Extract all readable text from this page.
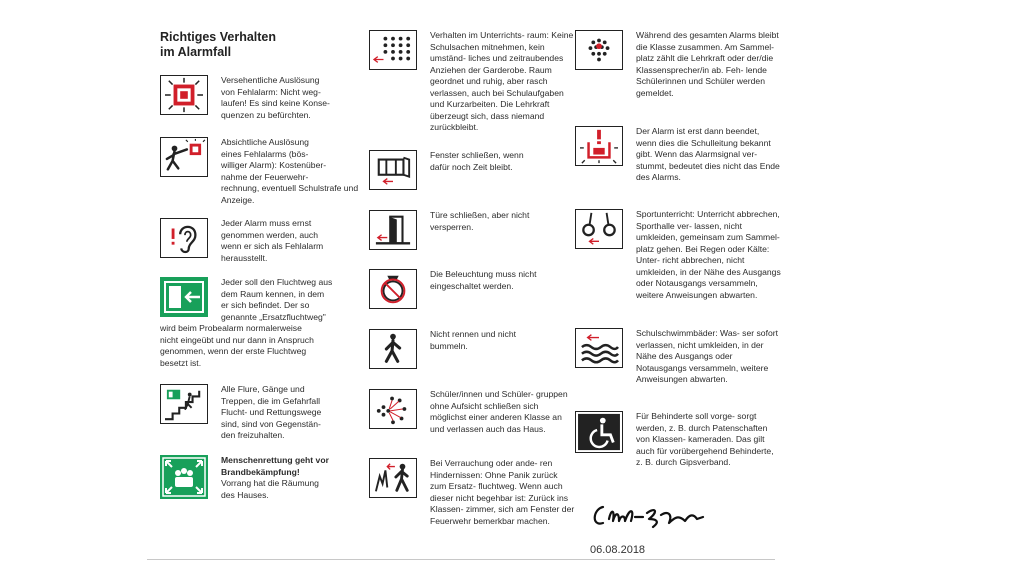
Richtiges Verhalten
im Alarmfall
Versehentliche Auslösung
von Fehlalarm: Nicht weg-
laufen! Es sind keine Konse-
quenzen zu befürchten.
Absichtliche Auslösung
eines Fehlalarms (bös-
williger Alarm): Kostenüber-
nahme der Feuerwehr-
rechnung, eventuell Schulstrafe und
Anzeige.
Jeder Alarm muss ernst
genommen werden, auch
wenn er sich als Fehlalarm
herausstellt.
Jeder soll den Fluchtweg aus
dem Raum kennen, in dem
er sich befindet. Der so
genannte „Ersatzfluchtweg"
wird beim Probealarm normalerweise
nicht eingeübt und nur dann in Anspruch
genommen, wenn der erste Fluchtweg
besetzt ist.
Alle Flure, Gänge und
Treppen, die im Gefahrfall
Flucht- und Rettungswege
sind, sind von Gegenstän-
den freizuhalten.
Menschenrettung geht vor
Brandbekämpfung!
Vorrang hat die Räumung
des Hauses.
Verhalten im Unterrichts- raum: Keine Schulsachen mitnehmen, kein umständ- liches und zeitraubendes Anziehen der Garderobe. Raum geordnet und ruhig, aber rasch verlassen, auch bei Schulaufgaben und Kurzarbeiten. Die Lehrkraft überzeugt sich, dass niemand zurückbleibt.
Fenster schließen, wenn
dafür noch Zeit bleibt.
Türe schließen, aber nicht
versperren.
Die Beleuchtung muss nicht
eingeschaltet werden.
Nicht rennen und nicht
bummeln.
Schüler/innen und Schüler- gruppen ohne Aufsicht schließen sich möglichst einer anderen Klasse an und verlassen auch das Haus.
Bei Verrauchung oder ande- ren Hindernissen: Ohne Panik zurück zum Ersatz- fluchtweg. Wenn auch dieser nicht begehbar ist: Zurück ins Klassen- zimmer, sich am Fenster der Feuerwehr bemerkbar machen.
Während des gesamten Alarms bleibt die Klasse zusammen. Am Sammel- platz zählt die Lehrkraft oder der/die Klassensprecher/in ab. Feh- lende Schülerinnen und Schüler werden gemeldet.
Der Alarm ist erst dann beendet, wenn dies die Schulleitung bekannt gibt. Wenn das Alarmsignal ver- stummt, bedeutet dies nicht das Ende des Alarms.
Sportunterricht: Unterricht abbrechen, Sporthalle ver- lassen, nicht umkleiden, gemeinsam zum Sammel- platz gehen. Bei Regen oder Kälte: Unter- richt abbrechen, nicht umkleiden, in der Nähe des Ausgangs oder Notausgangs versammeln, weitere Anweisungen abwarten.
Schulschwimmbäder: Was- ser sofort verlassen, nicht umkleiden, in der Nähe des Ausgangs oder Notausgangs versammeln, weitere Anweisungen abwarten.
Für Behinderte soll vorge- sorgt werden, z. B. durch Patenschaften von Klassen- kameraden. Das gilt auch für vorübergehend Behinderte, z. B. durch Gipsverband.
06.08.2018
